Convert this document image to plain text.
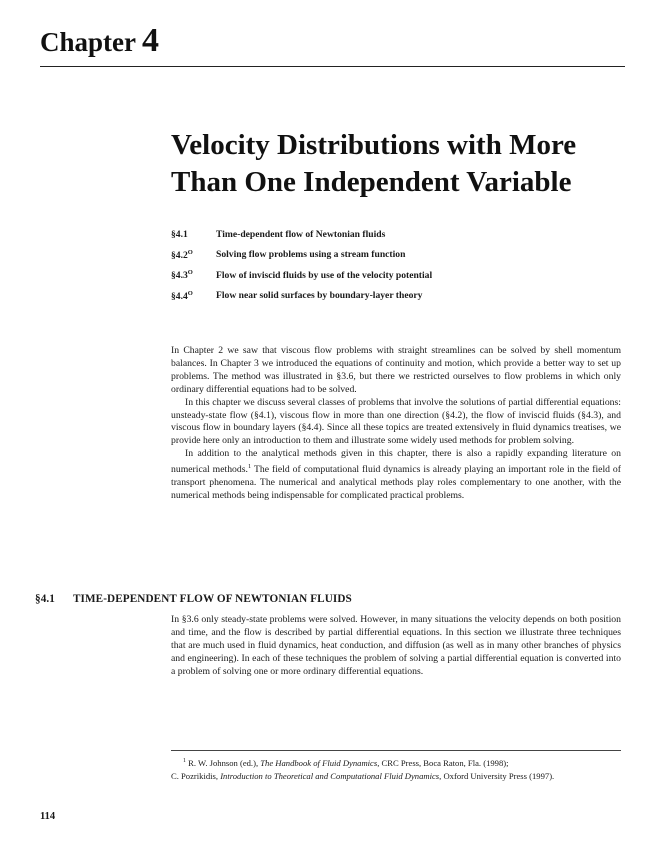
Chapter 4
Velocity Distributions with More
Than One Independent Variable
§4.1	Time-dependent flow of Newtonian fluids
$\S 4.2^O$	Solving flow problems using a stream function
$\S 4.3^O$	Flow of inviscid fluids by use of the velocity potential
$\S 4.4^O$	Flow near solid surfaces by boundary-layer theory

In Chapter 2 we saw that viscous flow problems with straight streamlines can be solved by shell momentum balances. In Chapter 3 we introduced the equations of continuity and motion, which provide a better way to set up problems. The method was illustrated in §3.6, but there we restricted ourselves to flow problems in which only ordinary differential equations had to be solved.

In this chapter we discuss several classes of problems that involve the solutions of partial differential equations: unsteady-state flow (§4.1), viscous flow in more than one direction (§4.2), the flow of inviscid fluids (§4.3), and viscous flow in boundary layers (§4.4). Since all these topics are treated extensively in fluid dynamics treatises, we provide here only an introduction to them and illustrate some widely used methods for problem solving.

In addition to the analytical methods given in this chapter, there is also a rapidly expanding literature on numerical methods.$^1$ The field of computational fluid dynamics is already playing an important role in the field of transport phenomena. The numerical and analytical methods play roles complementary to one another, with the numerical methods being indispensable for complicated practical problems.

§4.1	TIME-DEPENDENT FLOW OF NEWTONIAN FLUIDS

In §3.6 only steady-state problems were solved. However, in many situations the velocity depends on both position and time, and the flow is described by partial differential equations. In this section we illustrate three techniques that are much used in fluid dynamics, heat conduction, and diffusion (as well as in many other branches of physics and engineering). In each of these techniques the problem of solving a partial differential equation is converted into a problem of solving one or more ordinary differential equations.

$^1$ R. W. Johnson (ed.), The Handbook of Fluid Dynamics, CRC Press, Boca Raton, Fla. (1998);
C. Pozrikidis, Introduction to Theoretical and Computational Fluid Dynamics, Oxford University Press (1997).
114
